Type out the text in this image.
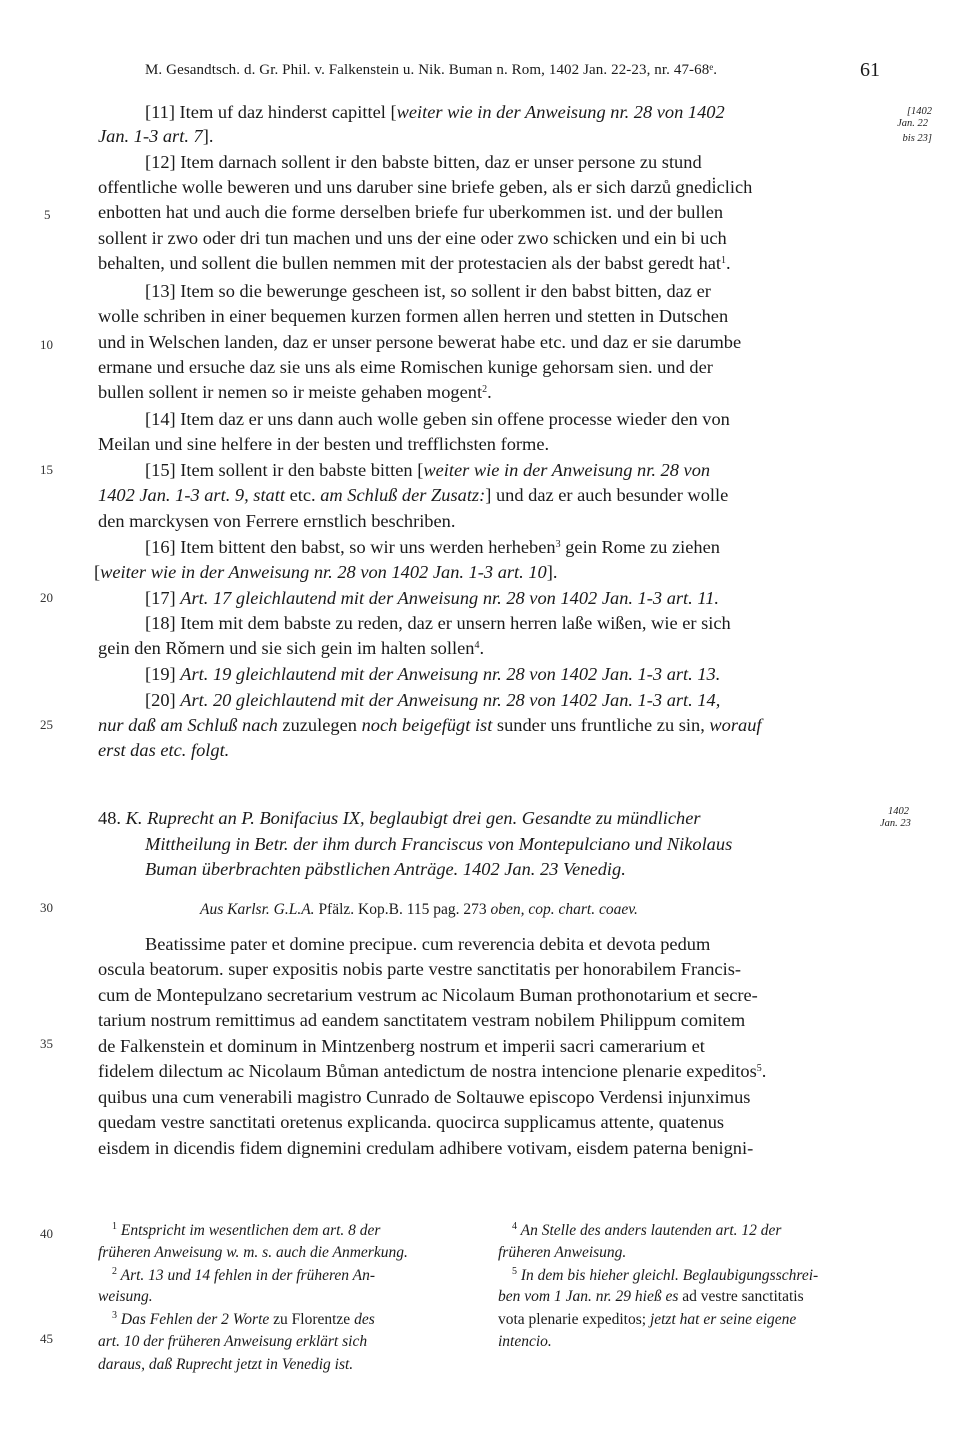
M. Gesandtsch. d. Gr. Phil. v. Falkenstein u. Nik. Buman n. Rom, 1402 Jan. 22-23, nr. 47-68ᵉ.	61
[1402
Jan. 22
bis 23]
1402
Jan. 23
5
10
15
20
25
30
35
40
45
[11] Item uf daz hinderst capittel [weiter wie in der Anweisung nr. 28 von 1402
Jan. 1-3 art. 7].
[12] Item darnach sollent ir den babste bitten, daz er unser persone zu stund
offentliche wolle beweren und uns daruber sine briefe geben, als er sich darzů gnedi̇clich
enbotten hat und auch die forme derselben briefe fur uberkommen ist. und der bullen
sollent ir zwo oder dri tun machen und uns der eine oder zwo schicken und ein bi uch
behalten, und sollent die bullen nemmen mit der protestacien als der babst geredt hat$^1$.
[13] Item so die bewerunge gescheen ist, so sollent ir den babst bitten, daz er
wolle schriben in einer bequemen kurzen formen allen herren und stetten in Dutschen
und in Welschen landen, daz er unser persone bewerat habe etc. und daz er sie darumbe
ermane und ersuche daz sie uns als eime Romischen kunige gehorsam sien. und der
bullen sollent ir nemen so ir meiste gehaben mogent$^2$.
[14] Item daz er uns dann auch wolle geben sin offene processe wieder den von
Meilan und sine helfere in der besten und trefflichsten forme.
[15] Item sollent ir den babste bitten [weiter wie in der Anweisung nr. 28 von
1402 Jan. 1-3 art. 9, statt etc. am Schluß der Zusatz:] und daz er auch besunder wolle
den marckysen von Ferrere ernstlich beschriben.
[16] Item bittent den babst, so wir uns werden herheben$^3$ gein Rome zu ziehen
[weiter wie in der Anweisung nr. 28 von 1402 Jan. 1-3 art. 10].
[17] Art. 17 gleichlautend mit der Anweisung nr. 28 von 1402 Jan. 1-3 art. 11.
[18] Item mit dem babste zu reden, daz er unsern herren laße wißen, wie er sich
gein den Rǒmern und sie sich gein im halten sollen$^4$.
[19] Art. 19 gleichlautend mit der Anweisung nr. 28 von 1402 Jan. 1-3 art. 13.
[20] Art. 20 gleichlautend mit der Anweisung nr. 28 von 1402 Jan. 1-3 art. 14,
nur daß am Schluß nach zuzulegen noch beigefügt ist sunder uns fruntliche zu sin, worauf
erst das etc. folgt.
48. K. Ruprecht an P. Bonifacius IX, beglaubigt drei gen. Gesandte zu mündlicher
Mittheilung in Betr. der ihm durch Franciscus von Montepulciano und Nikolaus
Buman überbrachten päbstlichen Anträge. 1402 Jan. 23 Venedig.
Aus Karlsr. G.L.A. Pfälz. Kop.B. 115 pag. 273 oben, cop. chart. coaev.
Beatissime pater et domine precipue. cum reverencia debita et devota pedum
oscula beatorum. super expositis nobis parte vestre sanctitatis per honorabilem Francis-
cum de Montepulzano secretarium vestrum ac Nicolaum Buman prothonotarium et secre-
tarium nostrum remittimus ad eandem sanctitatem vestram nobilem Philippum comitem
de Falkenstein et dominum in Mintzenberg nostrum et imperii sacri camerarium et
fidelem dilectum ac Nicolaum Bůman antedictum de nostra intencione plenarie expeditos$^5$.
quibus una cum venerabili magistro Cunrado de Soltauwe episcopo Verdensi injunximus
quedam vestre sanctitati oretenus explicanda. quocirca supplicamus attente, quatenus
eisdem in dicendis fidem dignemini credulam adhibere votivam, eisdem paterna benigni-
$^1$ Entspricht im wesentlichen dem art. 8 der
früheren Anweisung w. m. s. auch die Anmerkung.
$^2$ Art. 13 und 14 fehlen in der früheren An-
weisung.
$^3$ Das Fehlen der 2 Worte zu Florentze des
art. 10 der früheren Anweisung erklärt sich
daraus, daß Ruprecht jetzt in Venedig ist.
$^4$ An Stelle des anders lautenden art. 12 der
früheren Anweisung.
$^5$ In dem bis hieher gleichl. Beglaubigungsschrei-
ben vom 1 Jan. nr. 29 hieß es ad vestre sanctitatis
vota plenarie expeditos; jetzt hat er seine eigene
intencio.
